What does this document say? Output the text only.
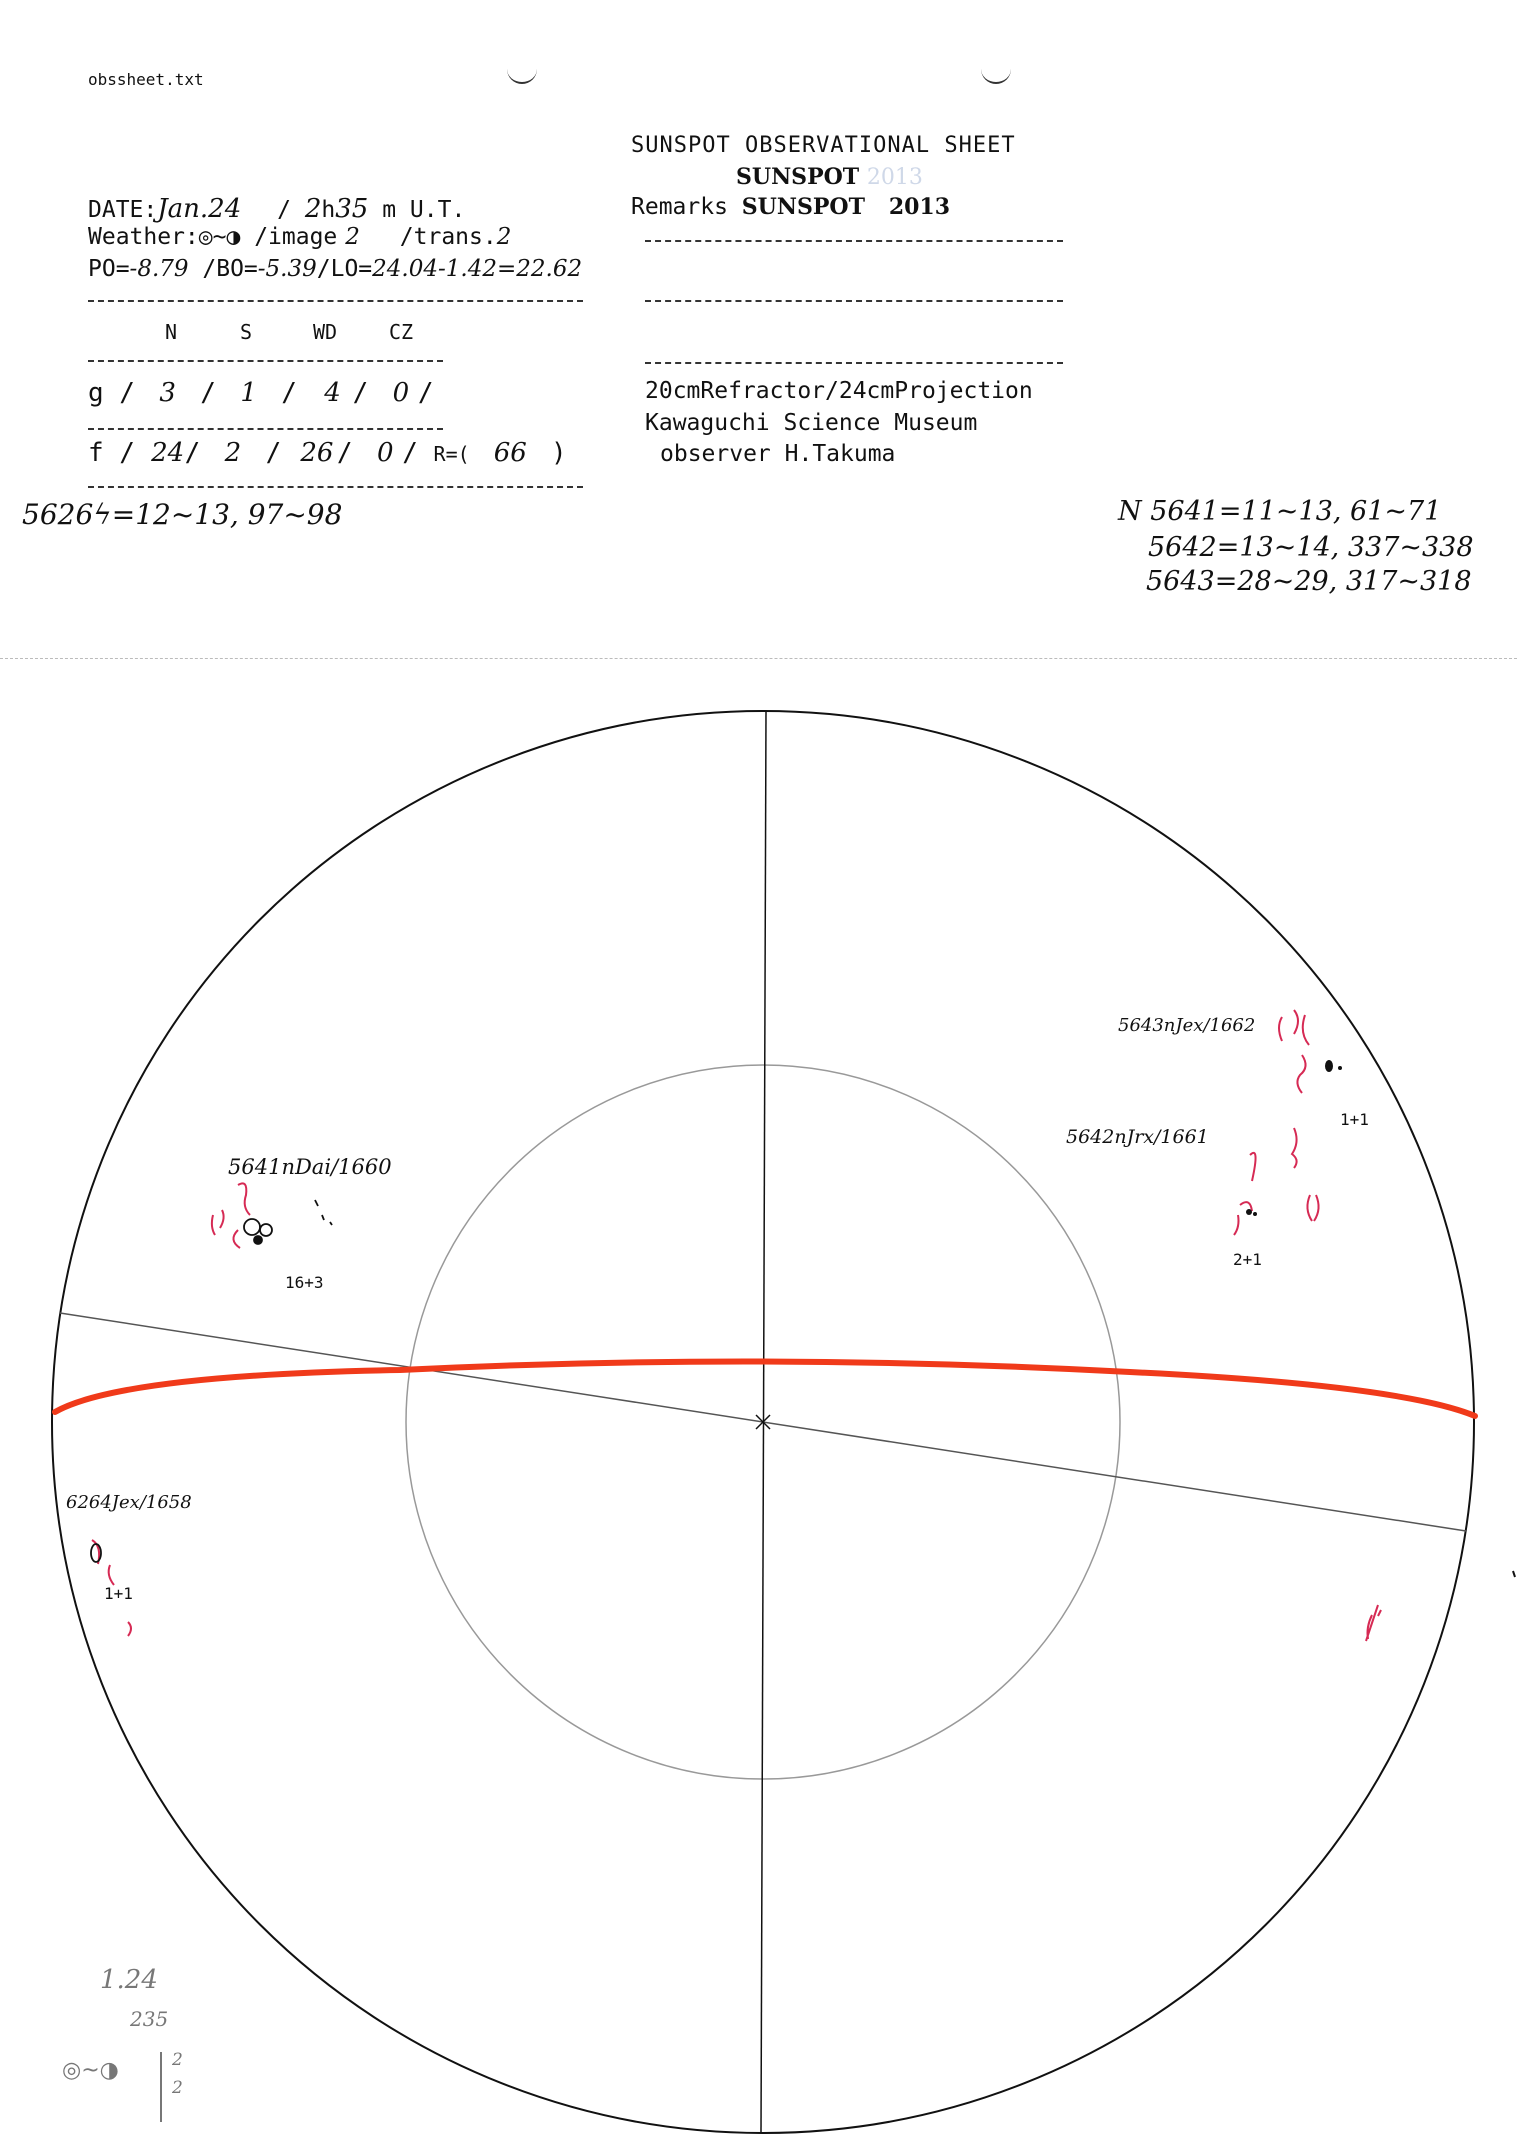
obssheet.txt
SUNSPOT OBSERVATIONAL SHEET
SUNSPOT 2013
DATE:Jan.24 / 2h35 m U.T.
Weather:◎~◑ /image 2 /trans.2
PO=-8.79 /BO=-5.39/LO=24.04-1.42=22.62
N	S	WD	CZ
g / 3 / 1 / 4 / 0 /
f / 24/ 2 / 26 / 0 / R=( 66 )
5626ϟ=12~13, 97~98
Remarks SUNSPOT 2013
20cmRefractor/24cmProjection
Kawaguchi Science Museum
observer H.Takuma
N 5641=11~13, 61~71
5642=13~14, 337~338
5643=28~29, 317~318
5641nDai/1660
16+3
5643nJex/1662
1+1
5642nJrx/1661
2+1
6264Jex/1658
1+1
1.24
235
◎~◑	2
2
